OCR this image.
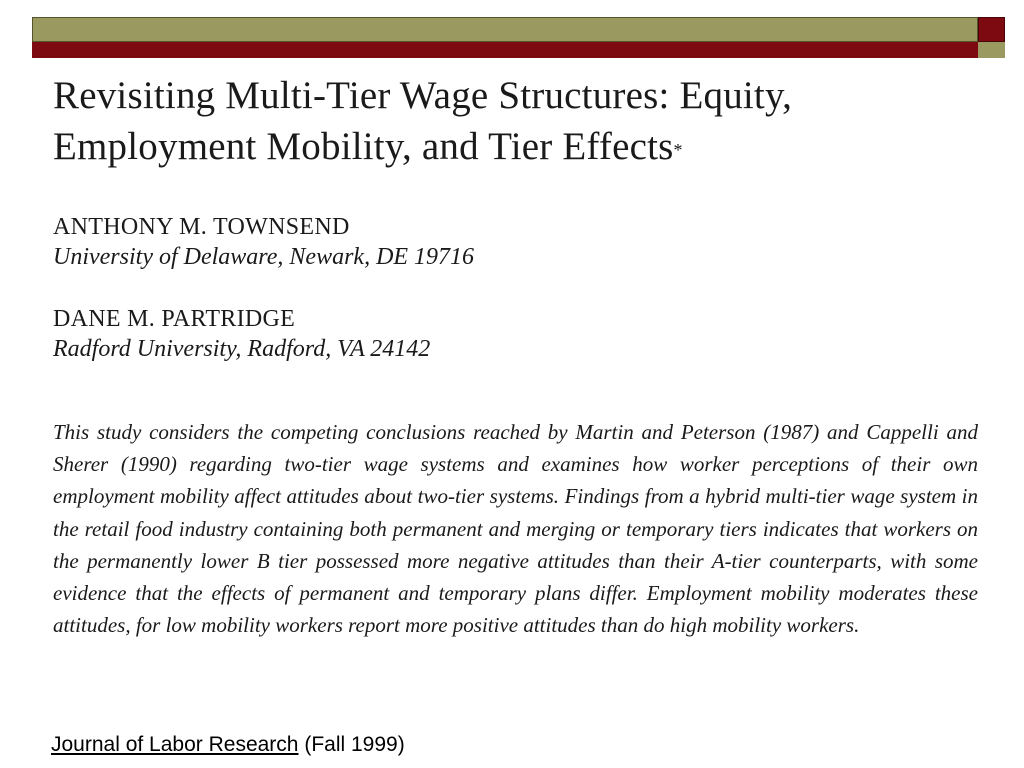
Revisiting Multi-Tier Wage Structures: Equity, Employment Mobility, and Tier Effects*

ANTHONY M. TOWNSEND

University of Delaware, Newark, DE 19716

DANE M. PARTRIDGE

Radford University, Radford, VA 24142

This study considers the competing conclusions reached by Martin and Peterson (1987) and Cappelli and Sherer (1990) regarding two-tier wage systems and examines how worker perceptions of their own employment mobility affect attitudes about two-tier systems. Findings from a hybrid multi-tier wage system in the retail food industry containing both permanent and merging or temporary tiers indicates that workers on the permanently lower B tier possessed more negative attitudes than their A-tier counterparts, with some evidence that the effects of permanent and temporary plans differ. Employment mobility moderates these attitudes, for low mobility workers report more positive attitudes than do high mobility workers.

Journal of Labor Research (Fall 1999)
